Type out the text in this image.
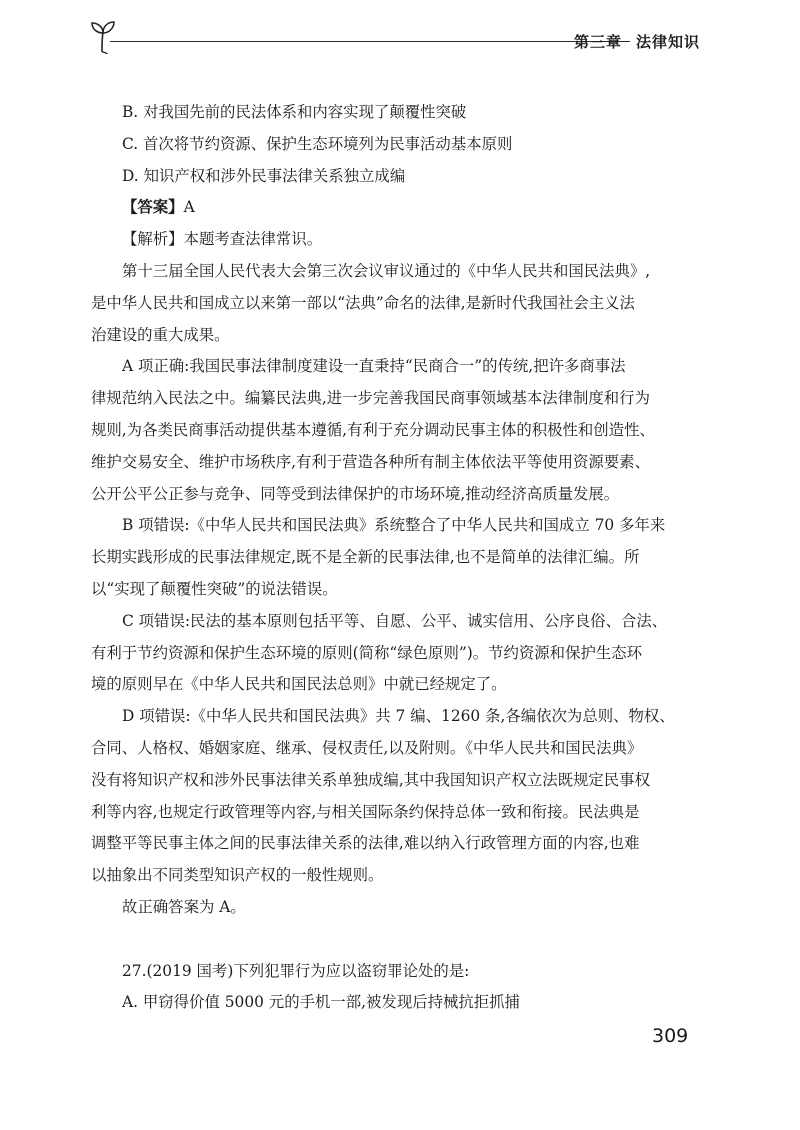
第三章 法律知识
B. 对我国先前的民法体系和内容实现了颠覆性突破
C. 首次将节约资源、保护生态环境列为民事活动基本原则
D. 知识产权和涉外民事法律关系独立成编
【答案】A
【解析】本题考查法律常识。
第十三届全国人民代表大会第三次会议审议通过的《中华人民共和国民法典》,
是中华人民共和国成立以来第一部以“法典”命名的法律,是新时代我国社会主义法
治建设的重大成果。
A 项正确:我国民事法律制度建设一直秉持“民商合一”的传统,把许多商事法
律规范纳入民法之中。编纂民法典,进一步完善我国民商事领域基本法律制度和行为
规则,为各类民商事活动提供基本遵循,有利于充分调动民事主体的积极性和创造性、
维护交易安全、维护市场秩序,有利于营造各种所有制主体依法平等使用资源要素、
公开公平公正参与竞争、同等受到法律保护的市场环境,推动经济高质量发展。
B 项错误:《中华人民共和国民法典》系统整合了中华人民共和国成立 70 多年来
长期实践形成的民事法律规定,既不是全新的民事法律,也不是简单的法律汇编。所
以“实现了颠覆性突破”的说法错误。
C 项错误:民法的基本原则包括平等、自愿、公平、诚实信用、公序良俗、合法、
有利于节约资源和保护生态环境的原则(简称“绿色原则”)。节约资源和保护生态环
境的原则早在《中华人民共和国民法总则》中就已经规定了。
D 项错误:《中华人民共和国民法典》共 7 编、1260 条,各编依次为总则、物权、
合同、人格权、婚姻家庭、继承、侵权责任,以及附则。《中华人民共和国民法典》
没有将知识产权和涉外民事法律关系单独成编,其中我国知识产权立法既规定民事权
利等内容,也规定行政管理等内容,与相关国际条约保持总体一致和衔接。民法典是
调整平等民事主体之间的民事法律关系的法律,难以纳入行政管理方面的内容,也难
以抽象出不同类型知识产权的一般性规则。
故正确答案为 A。
27.(2019 国考)下列犯罪行为应以盗窃罪论处的是:
A. 甲窃得价值 5000 元的手机一部,被发现后持械抗拒抓捕
309
